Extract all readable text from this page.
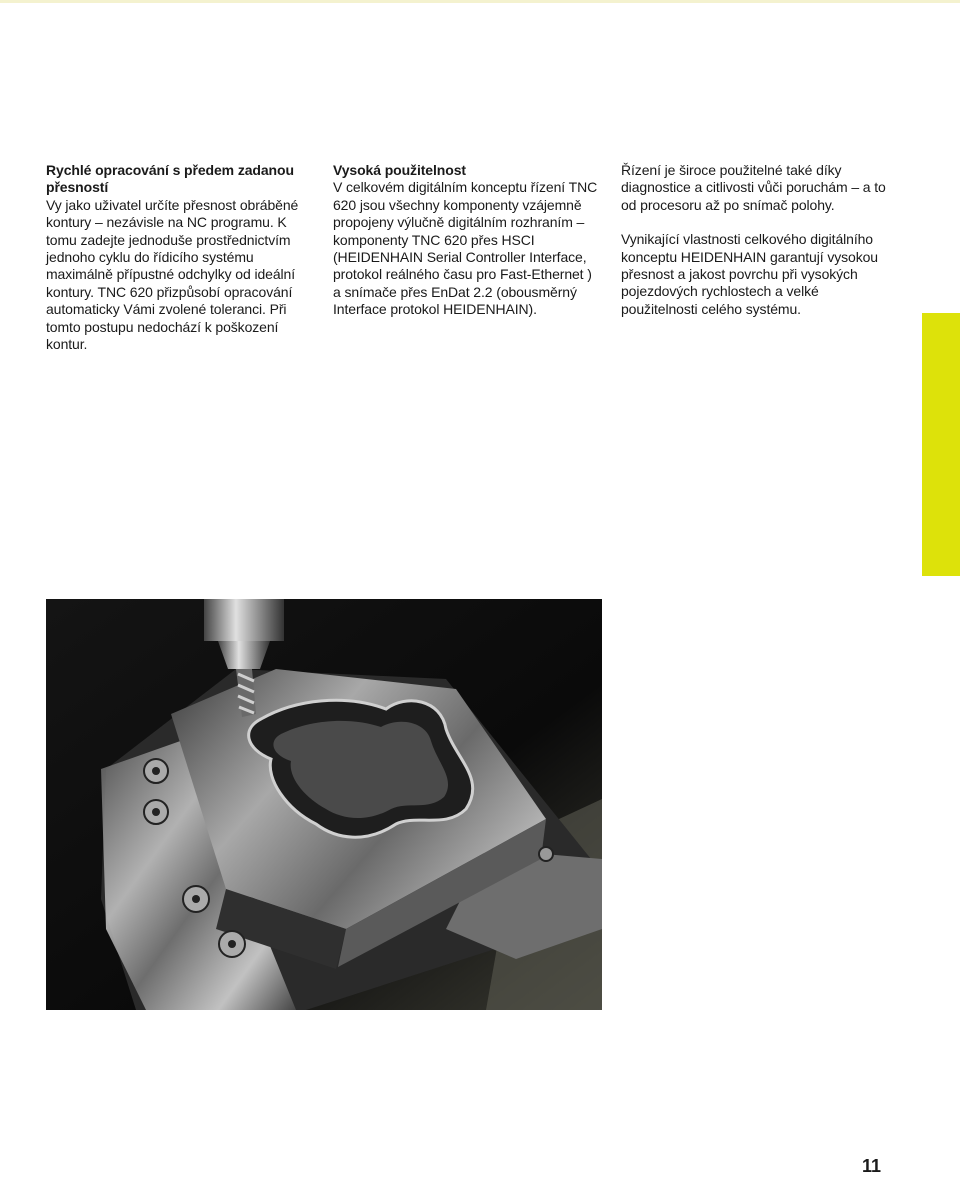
Rychlé opracování s předem zadanou přesností

Vy jako uživatel určíte přesnost obráběné kontury – nezávisle na NC programu. K tomu zadejte jednoduše prostřednictvím jednoho cyklu do řídicího systému maximálně přípustné odchylky od ideální kontury. TNC 620 přizpůsobí opracování automaticky Vámi zvolené toleranci. Při tomto postupu nedochází k poškození kontur.

Vysoká použitelnost

V celkovém digitálním konceptu řízení TNC 620 jsou všechny komponenty vzájemně propojeny výlučně digitálním rozhraním – komponenty TNC 620 přes HSCI (HEIDENHAIN Serial Controller Interface, protokol reálného času pro Fast-Ethernet ) a snímače přes EnDat 2.2 (obousměrný Interface protokol HEIDENHAIN).

Řízení je široce použitelné také díky diagnostice a citlivosti vůči poruchám – a to od procesoru až po snímač polohy.

Vynikající vlastnosti celkového digitálního konceptu HEIDENHAIN garantují vysokou přesnost a jakost povrchu při vysokých pojezdových rychlostech a velké použitelnosti celého systému.

11
